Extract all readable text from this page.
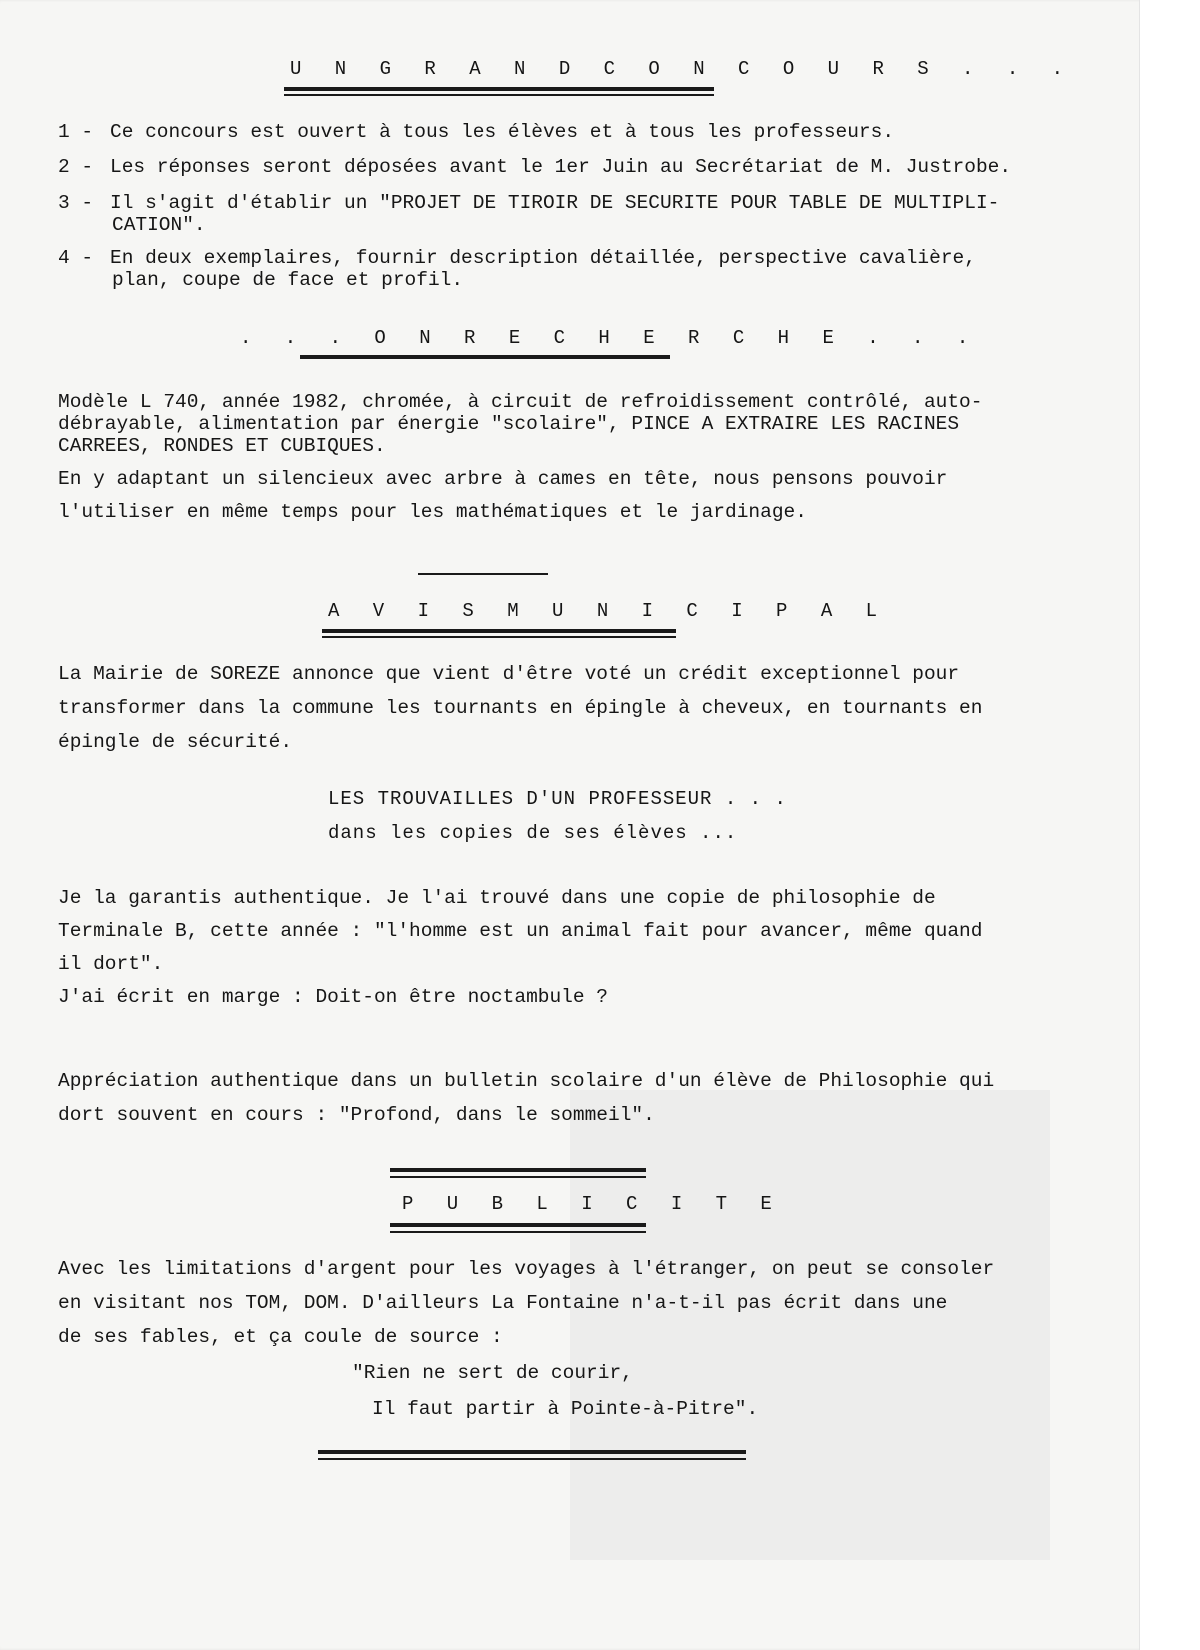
U N G R A N D C O N C O U R S . . .
1 - Ce concours est ouvert à tous les élèves et à tous les professeurs.
2 - Les réponses seront déposées avant le 1er Juin au Secrétariat de M. Justrobe.
3 - Il s'agit d'établir un "PROJET DE TIROIR DE SECURITE POUR TABLE DE MULTIPLI-
CATION".
4 - En deux exemplaires, fournir description détaillée, perspective cavalière,
plan, coupe de face et profil.
. . . O N R E C H E R C H E . . .
Modèle L 740, année 1982, chromée, à circuit de refroidissement contrôlé, auto-
débrayable, alimentation par énergie "scolaire", PINCE A EXTRAIRE LES RACINES
CARREES, RONDES ET CUBIQUES.
En y adaptant un silencieux avec arbre à cames en tête, nous pensons pouvoir
l'utiliser en même temps pour les mathématiques et le jardinage.
A V I S M U N I C I P A L
La Mairie de SOREZE annonce que vient d'être voté un crédit exceptionnel pour
transformer dans la commune les tournants en épingle à cheveux, en tournants en
épingle de sécurité.
LES TROUVAILLES D'UN PROFESSEUR . . .
dans les copies de ses élèves ...
Je la garantis authentique. Je l'ai trouvé dans une copie de philosophie de
Terminale B, cette année : "l'homme est un animal fait pour avancer, même quand
il dort".
J'ai écrit en marge : Doit-on être noctambule ?
Appréciation authentique dans un bulletin scolaire d'un élève de Philosophie qui
dort souvent en cours : "Profond, dans le sommeil".
P U B L I C I T E
Avec les limitations d'argent pour les voyages à l'étranger, on peut se consoler
en visitant nos TOM, DOM. D'ailleurs La Fontaine n'a-t-il pas écrit dans une
de ses fables, et ça coule de source :
"Rien ne sert de courir,
Il faut partir à Pointe-à-Pitre".
